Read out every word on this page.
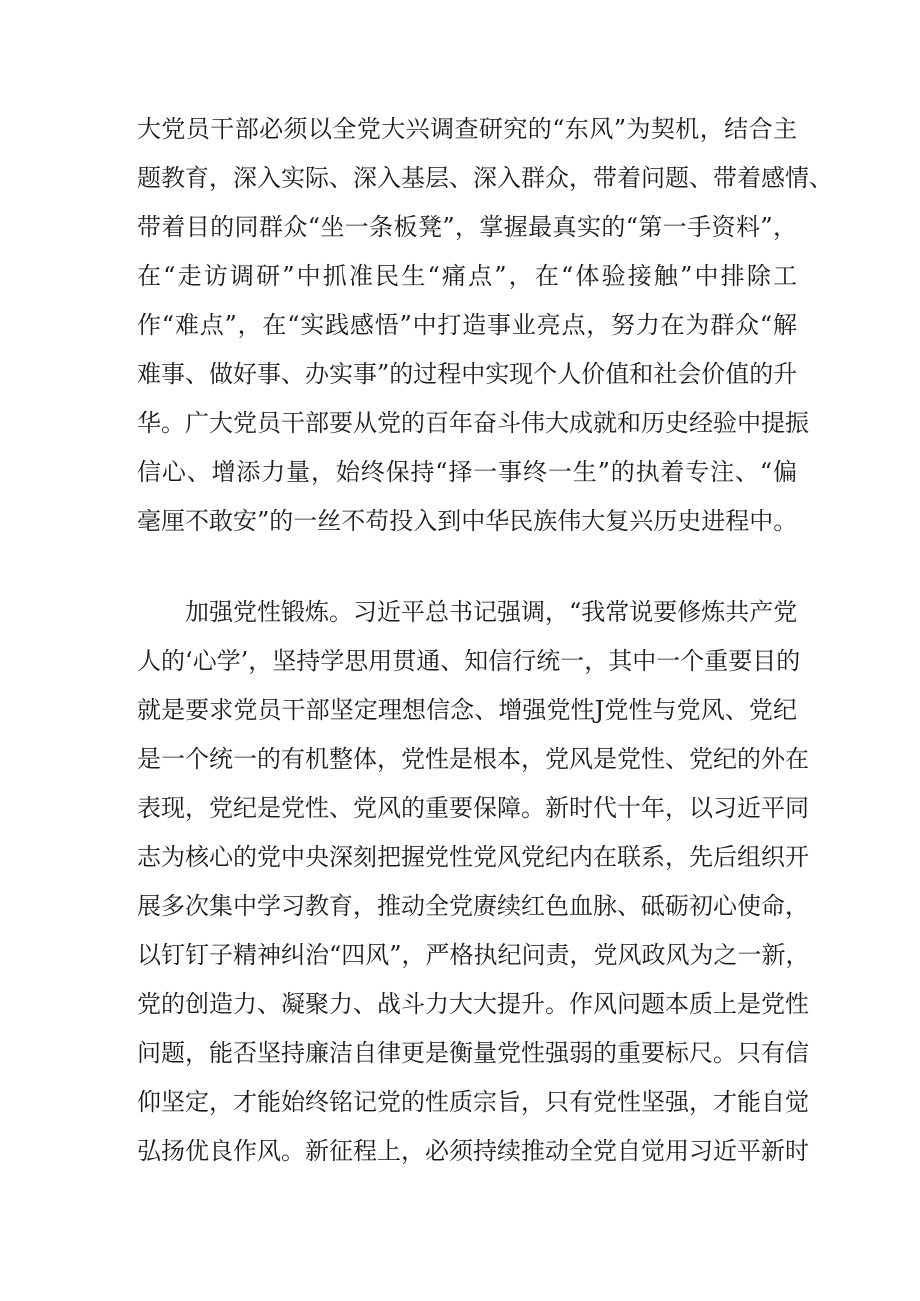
大党员干部必须以全党大兴调查研究的“东风”为契机，结合主
题教育，深入实际、深入基层、深入群众，带着问题、带着感情、
带着目的同群众“坐一条板凳”，掌握最真实的“第一手资料”，
在“走访调研”中抓准民生“痛点”，在“体验接触”中排除工
作“难点”，在“实践感悟”中打造事业亮点，努力在为群众“解
难事、做好事、办实事”的过程中实现个人价值和社会价值的升
华。广大党员干部要从党的百年奋斗伟大成就和历史经验中提振
信心、增添力量，始终保持“择一事终一生”的执着专注、“偏
毫厘不敢安”的一丝不苟投入到中华民族伟大复兴历史进程中。
加强党性锻炼。习近平总书记强调，“我常说要修炼共产党
人的‘心学’，坚持学思用贯通、知信行统一，其中一个重要目的
就是要求党员干部坚定理想信念、增强党性J党性与党风、党纪
是一个统一的有机整体，党性是根本，党风是党性、党纪的外在
表现，党纪是党性、党风的重要保障。新时代十年，以习近平同
志为核心的党中央深刻把握党性党风党纪内在联系，先后组织开
展多次集中学习教育，推动全党赓续红色血脉、砥砺初心使命，
以钉钉子精神纠治“四风”，严格执纪问责，党风政风为之一新，
党的创造力、凝聚力、战斗力大大提升。作风问题本质上是党性
问题，能否坚持廉洁自律更是衡量党性强弱的重要标尺。只有信
仰坚定，才能始终铭记党的性质宗旨，只有党性坚强，才能自觉
弘扬优良作风。新征程上，必须持续推动全党自觉用习近平新时
